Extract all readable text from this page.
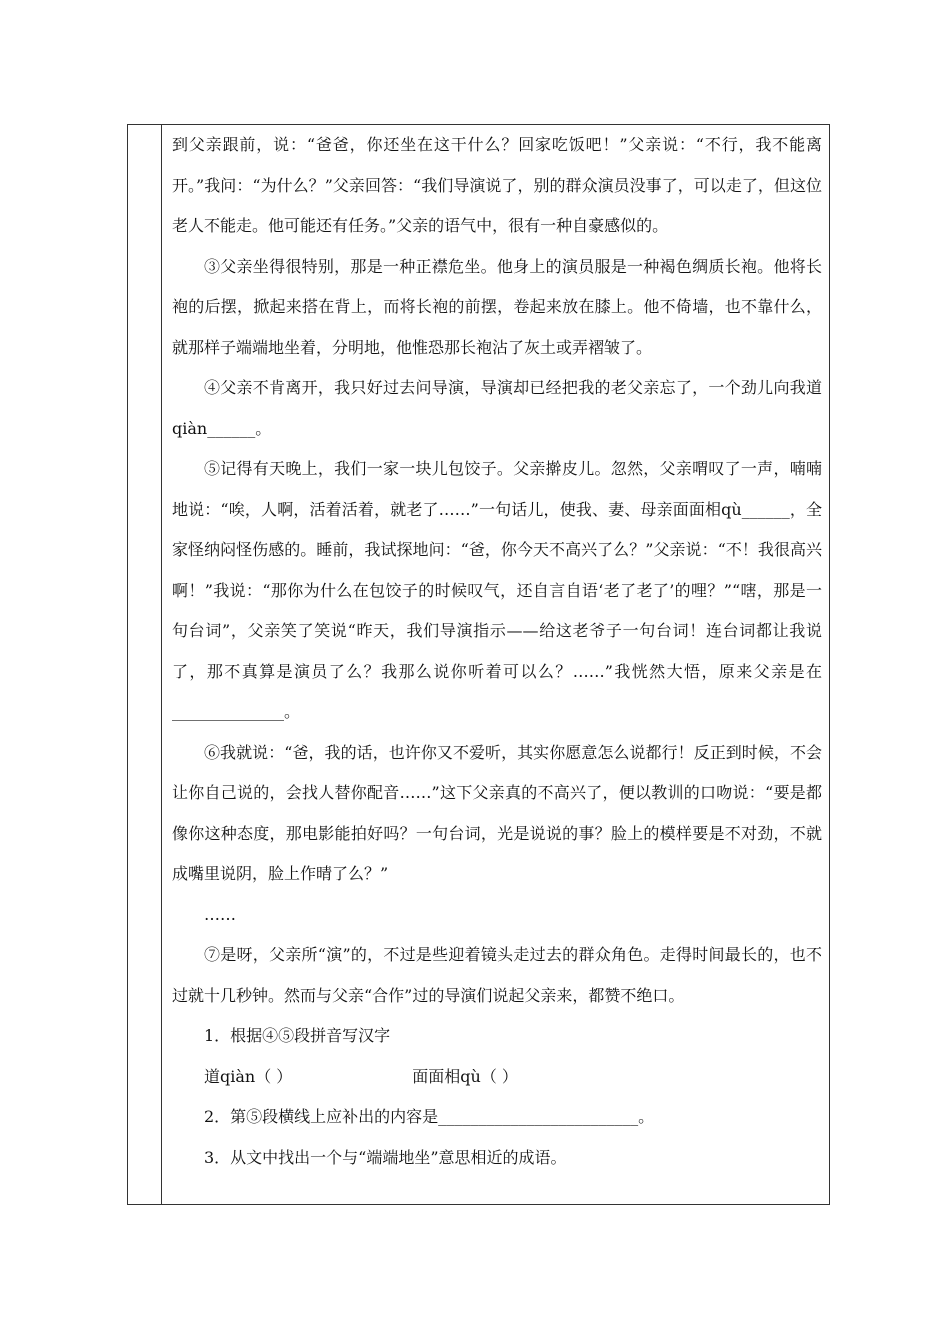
到父亲跟前，说：“爸爸，你还坐在这干什么？回家吃饭吧！”父亲说：“不行，我不能离开。”我问：“为什么？”父亲回答：“我们导演说了，别的群众演员没事了，可以走了，但这位老人不能走。他可能还有任务。”父亲的语气中，很有一种自豪感似的。

③父亲坐得很特别，那是一种正襟危坐。他身上的演员服是一种褐色绸质长袍。他将长袍的后摆，掀起来搭在背上，而将长袍的前摆，卷起来放在膝上。他不倚墙，也不靠什么，就那样子端端地坐着，分明地，他惟恐那长袍沾了灰土或弄褶皱了。

④父亲不肯离开，我只好过去问导演，导演却已经把我的老父亲忘了，一个劲儿向我道qiàn______。

⑤记得有天晚上，我们一家一块儿包饺子。父亲擀皮儿。忽然，父亲喟叹了一声，喃喃地说：“唉，人啊，活着活着，就老了……”一句话儿，使我、妻、母亲面面相qù______，全家怪纳闷怪伤感的。睡前，我试探地问：“爸，你今天不高兴了么？”父亲说：“不！我很高兴啊！”我说：“那你为什么在包饺子的时候叹气，还自言自语‘老了老了’的哩？”“嗐，那是一句台词”，父亲笑了笑说“昨天，我们导演指示——给这老爷子一句台词！连台词都让我说了，那不真算是演员了么？我那么说你听着可以么？……”我恍然大悟，原来父亲是在______________。

⑥我就说：“爸，我的话，也许你又不爱听，其实你愿意怎么说都行！反正到时候，不会让你自己说的，会找人替你配音……”这下父亲真的不高兴了，便以教训的口吻说：“要是都像你这种态度，那电影能拍好吗？一句台词，光是说说的事？脸上的模样要是不对劲，不就成嘴里说阴，脸上作晴了么？”

……

⑦是呀，父亲所“演”的，不过是些迎着镜头走过去的群众角色。走得时间最长的，也不过就十几秒钟。然而与父亲“合作”过的导演们说起父亲来，都赞不绝口。

1．根据④⑤段拼音写汉字

道qiàn（ ）	面面相qù（ ）

2．第⑤段横线上应补出的内容是_________________________。

3．从文中找出一个与“端端地坐”意思相近的成语。
